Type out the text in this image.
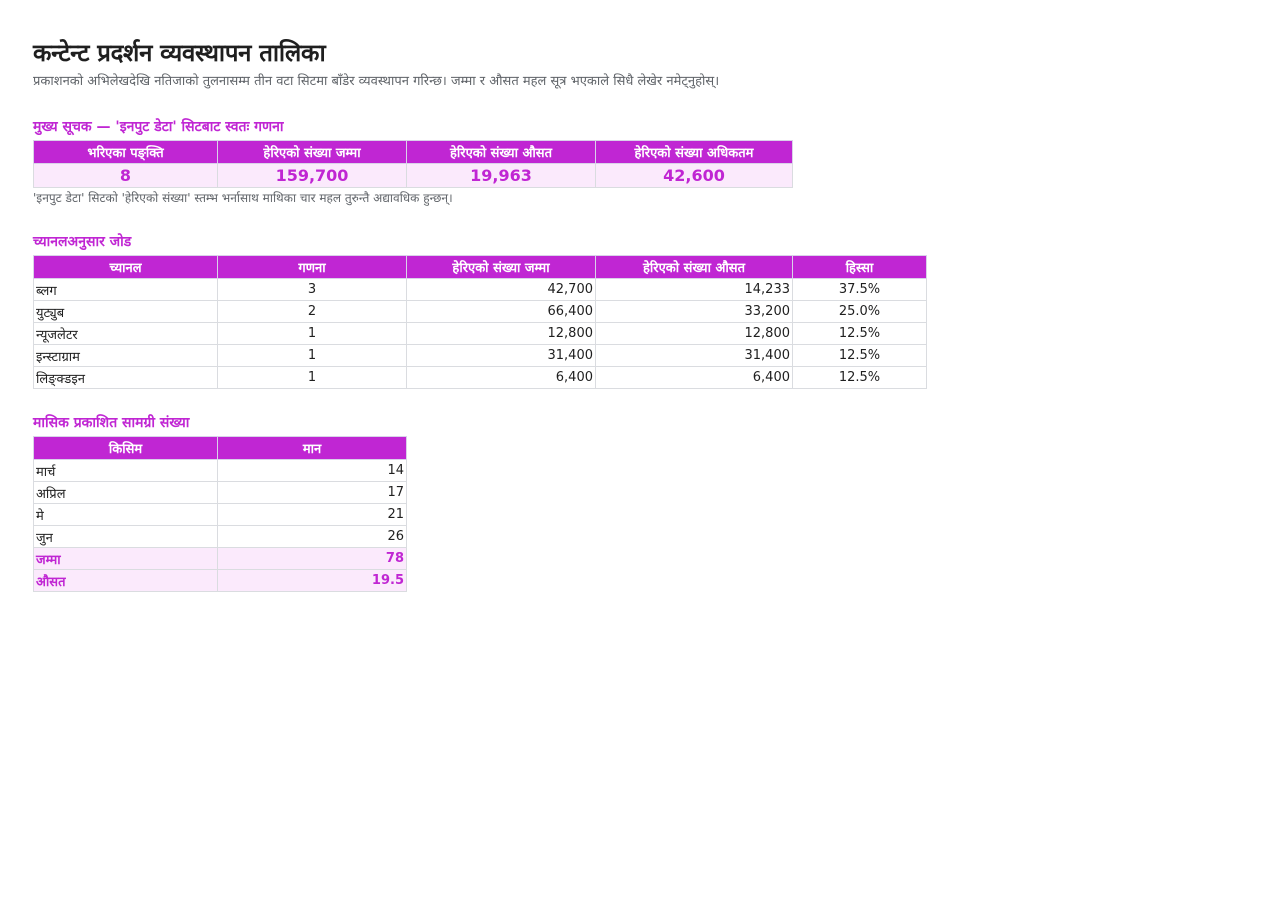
कन्टेन्ट प्रदर्शन व्यवस्थापन तालिका
प्रकाशनको अभिलेखदेखि नतिजाको तुलनासम्म तीन वटा सिटमा बाँडेर व्यवस्थापन गरिन्छ। जम्मा र औसत महल सूत्र भएकाले सिधै लेखेर नमेट्नुहोस्।
मुख्य सूचक — 'इनपुट डेटा' सिटबाट स्वतः गणना
भरिएका पङ्क्ति	हेरिएको संख्या जम्मा	हेरिएको संख्या औसत	हेरिएको संख्या अधिकतम
8	159,700	19,963	42,600
'इनपुट डेटा' सिटको 'हेरिएको संख्या' स्तम्भ भर्नासाथ माथिका चार महल तुरुन्तै अद्यावधिक हुन्छन्।
च्यानलअनुसार जोड
च्यानल	गणना	हेरिएको संख्या जम्मा	हेरिएको संख्या औसत	हिस्सा
ब्लग	3	42,700	14,233	37.5%
युट्युब	2	66,400	33,200	25.0%
न्यूजलेटर	1	12,800	12,800	12.5%
इन्स्टाग्राम	1	31,400	31,400	12.5%
लिङ्क्डइन	1	6,400	6,400	12.5%
मासिक प्रकाशित सामग्री संख्या
किसिम	मान
मार्च	14
अप्रिल	17
मे	21
जुन	26
जम्मा	78
औसत	19.5
